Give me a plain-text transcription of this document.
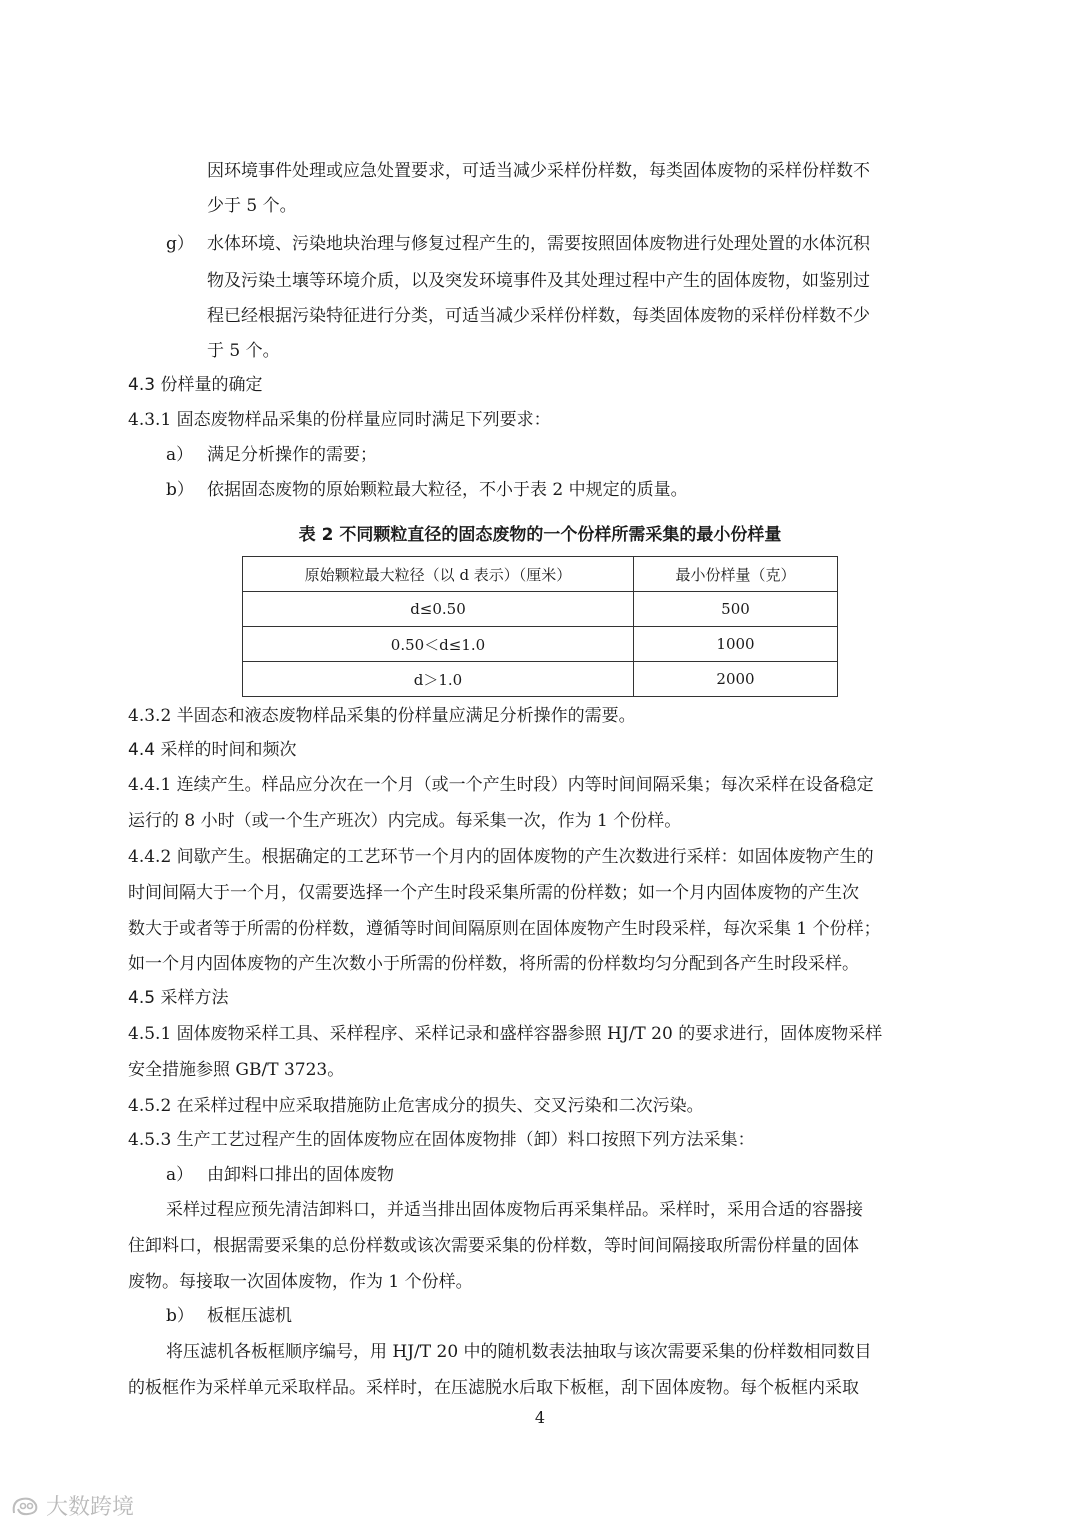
因环境事件处理或应急处置要求，可适当减少采样份样数，每类固体废物的采样份样数不
少于 5 个。
g） 水体环境、污染地块治理与修复过程产生的，需要按照固体废物进行处理处置的水体沉积
物及污染土壤等环境介质，以及突发环境事件及其处理过程中产生的固体废物，如鉴别过
程已经根据污染特征进行分类，可适当减少采样份样数，每类固体废物的采样份样数不少
于 5 个。
4.3 份样量的确定
4.3.1 固态废物样品采集的份样量应同时满足下列要求：
a） 满足分析操作的需要；
b） 依据固态废物的原始颗粒最大粒径，不小于表 2 中规定的质量。
表 2 不同颗粒直径的固态废物的一个份样所需采集的最小份样量
原始颗粒最大粒径（以 d 表示）（厘米）	最小份样量（克）
d≤0.50	500
0.50＜d≤1.0	1000
d＞1.0	2000
4.3.2 半固态和液态废物样品采集的份样量应满足分析操作的需要。
4.4 采样的时间和频次
4.4.1 连续产生。样品应分次在一个月（或一个产生时段）内等时间间隔采集；每次采样在设备稳定
运行的 8 小时（或一个生产班次）内完成。每采集一次，作为 1 个份样。
4.4.2 间歇产生。根据确定的工艺环节一个月内的固体废物的产生次数进行采样：如固体废物产生的
时间间隔大于一个月，仅需要选择一个产生时段采集所需的份样数；如一个月内固体废物的产生次
数大于或者等于所需的份样数，遵循等时间间隔原则在固体废物产生时段采样，每次采集 1 个份样；
如一个月内固体废物的产生次数小于所需的份样数，将所需的份样数均匀分配到各产生时段采样。
4.5 采样方法
4.5.1 固体废物采样工具、采样程序、采样记录和盛样容器参照 HJ/T 20 的要求进行，固体废物采样
安全措施参照 GB/T 3723。
4.5.2 在采样过程中应采取措施防止危害成分的损失、交叉污染和二次污染。
4.5.3 生产工艺过程产生的固体废物应在固体废物排（卸）料口按照下列方法采集：
a） 由卸料口排出的固体废物
采样过程应预先清洁卸料口，并适当排出固体废物后再采集样品。采样时，采用合适的容器接
住卸料口，根据需要采集的总份样数或该次需要采集的份样数，等时间间隔接取所需份样量的固体
废物。每接取一次固体废物，作为 1 个份样。
b） 板框压滤机
将压滤机各板框顺序编号，用 HJ/T 20 中的随机数表法抽取与该次需要采集的份样数相同数目
的板框作为采样单元采取样品。采样时，在压滤脱水后取下板框，刮下固体废物。每个板框内采取
4
大数跨境
